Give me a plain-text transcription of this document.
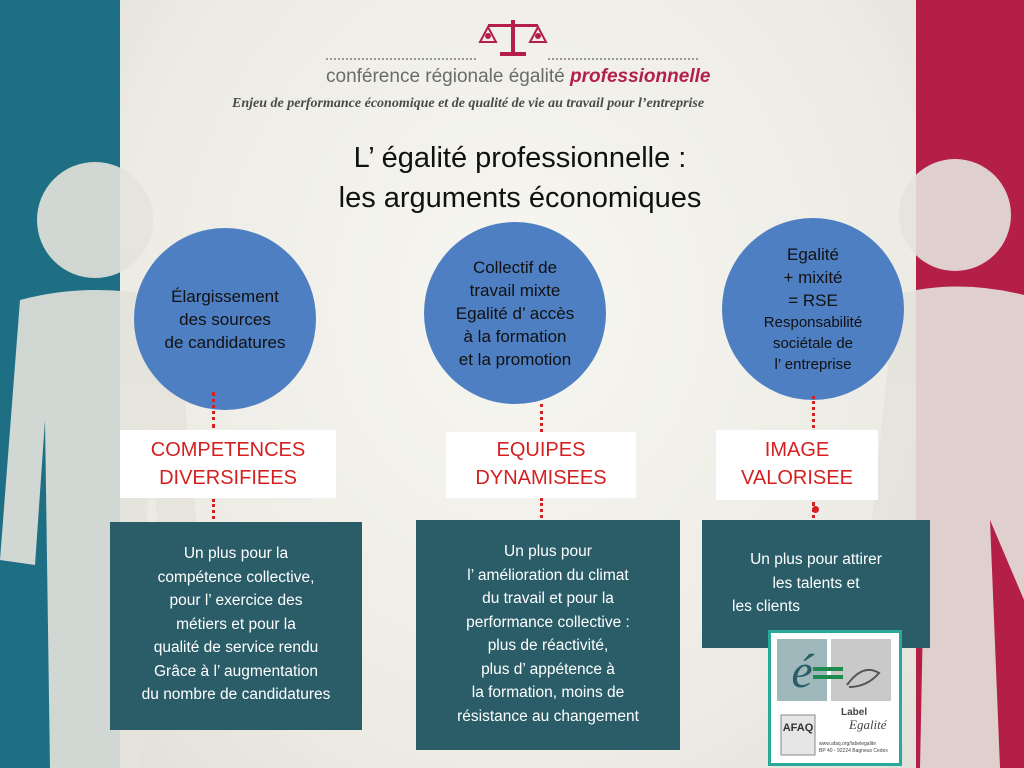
conférence régionale égalité professionnelle
Enjeu de performance économique et de qualité de vie au travail pour l’entreprise
L’ égalité professionnelle :
les arguments économiques
Élargissement
des sources
de candidatures
COMPETENCES
DIVERSIFIEES
Un plus pour la
compétence collective,
pour l’ exercice des
métiers et pour la
qualité de service rendu
Grâce à l’ augmentation
du nombre de candidatures
Collectif de
travail mixte
Egalité d’ accès
à la formation
et la promotion
EQUIPES
DYNAMISEES
Un plus pour
l’ amélioration du climat
du travail et pour la
performance collective :
plus de réactivité,
plus d’ appétence à
la formation, moins de
résistance au changement
Egalité
+ mixité
= RSE
Responsabilité
sociétale de
l’ entreprise
IMAGE
VALORISEE
Un plus pour attirer
les talents et
les clients
é
Label
Egalité
AFAQ
www.afaq.org/labelegalite
BP 40 - 92224 Bagneux Cedex
